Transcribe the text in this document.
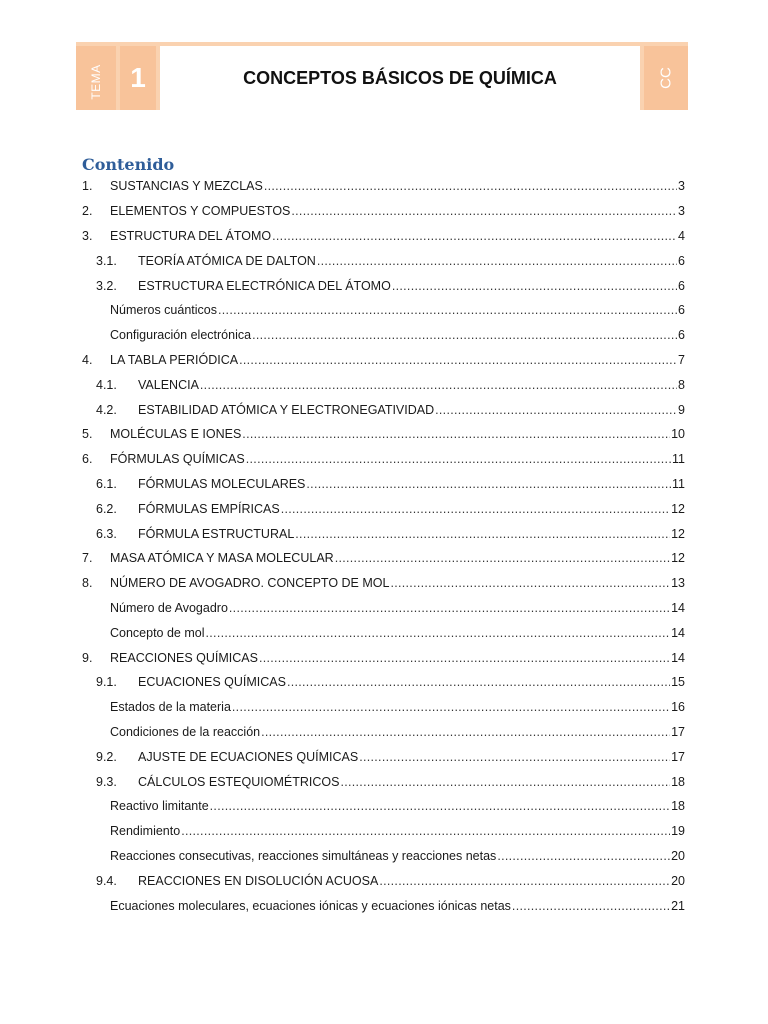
TEMA 1	CONCEPTOS BÁSICOS DE QUÍMICA	CC
Contenido
1.	SUSTANCIAS Y MEZCLAS .....	3
2.	ELEMENTOS Y COMPUESTOS .....	3
3.	ESTRUCTURA DEL ÁTOMO .....	4
3.1.	TEORÍA ATÓMICA DE DALTON .....	6
3.2.	ESTRUCTURA ELECTRÓNICA DEL ÁTOMO .....	6
Números cuánticos .....	6
Configuración electrónica .....	6
4.	LA TABLA PERIÓDICA .....	7
4.1.	VALENCIA .....	8
4.2.	ESTABILIDAD ATÓMICA Y ELECTRONEGATIVIDAD .....	9
5.	MOLÉCULAS E IONES .....	10
6.	FÓRMULAS QUÍMICAS .....	11
6.1.	FÓRMULAS MOLECULARES .....	11
6.2.	FÓRMULAS EMPÍRICAS .....	12
6.3.	FÓRMULA ESTRUCTURAL .....	12
7.	MASA ATÓMICA Y MASA MOLECULAR .....	12
8.	NÚMERO DE AVOGADRO. CONCEPTO DE MOL .....	13
Número de Avogadro .....	14
Concepto de mol .....	14
9.	REACCIONES QUÍMICAS .....	14
9.1.	ECUACIONES QUÍMICAS .....	15
Estados de la materia .....	16
Condiciones de la reacción .....	17
9.2.	AJUSTE DE ECUACIONES QUÍMICAS .....	17
9.3.	CÁLCULOS ESTEQUIOMÉTRICOS .....	18
Reactivo limitante .....	18
Rendimiento .....	19
Reacciones consecutivas, reacciones simultáneas y reacciones netas .....	20
9.4.	REACCIONES EN DISOLUCIÓN ACUOSA .....	20
Ecuaciones moleculares, ecuaciones iónicas y ecuaciones iónicas netas .....	21
